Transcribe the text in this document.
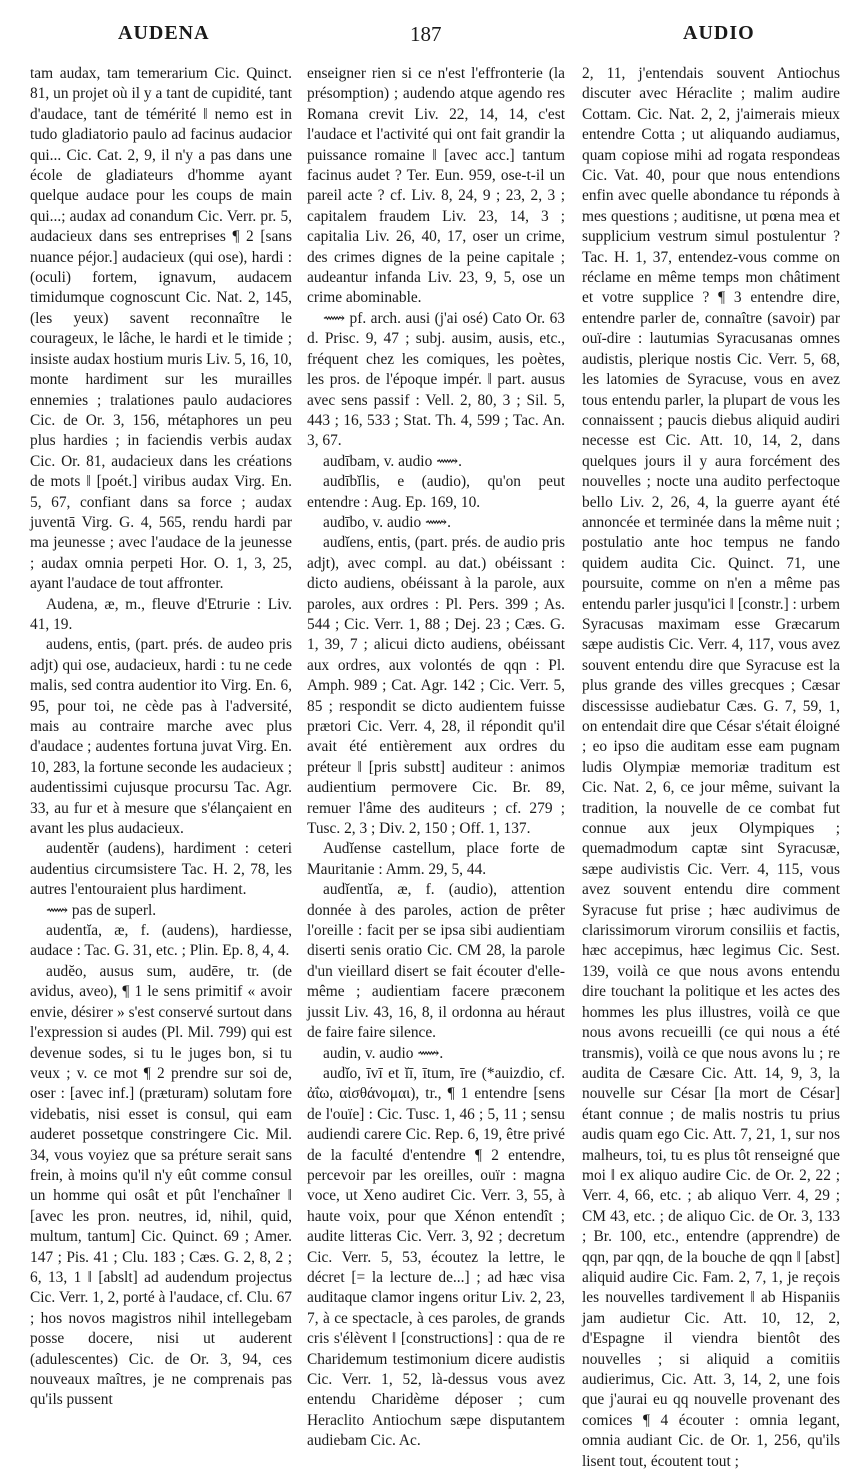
AUDENA	187	AUDIO

tam audax, tam temerarium Cic. Quinct. 81, un projet où il y a tant de cupidité, tant d'audace, tant de témérité ‖ nemo est in tudo gladiatorio paulo ad facinus audacior qui... Cic. Cat. 2, 9, il n'y a pas dans une école de gladiateurs d'homme ayant quelque audace pour les coups de main qui...; audax ad conandum Cic. Verr. pr. 5, audacieux dans ses entreprises ¶ 2 [sans nuance péjor.] audacieux (qui ose), hardi : (oculi) fortem, ignavum, audacem timidumque cognoscunt Cic. Nat. 2, 145, (les yeux) savent reconnaître le courageux, le lâche, le hardi et le timide ; insiste audax hostium muris Liv. 5, 16, 10, monte hardiment sur les murailles ennemies ; tralationes paulo audaciores Cic. de Or. 3, 156, métaphores un peu plus hardies ; in faciendis verbis audax Cic. Or. 81, audacieux dans les créations de mots ‖ [poét.] viribus audax Virg. En. 5, 67, confiant dans sa force ; audax juventā Virg. G. 4, 565, rendu hardi par ma jeunesse ; avec l'audace de la jeunesse ; audax omnia perpeti Hor. O. 1, 3, 25, ayant l'audace de tout affronter.

Audena, æ, m., fleuve d'Etrurie : Liv. 41, 19.

audens, entis, (part. prés. de audeo pris adjt) qui ose, audacieux, hardi : tu ne cede malis, sed contra audentior ito Virg. En. 6, 95, pour toi, ne cède pas à l'adversité, mais au contraire marche avec plus d'audace ; audentes fortuna juvat Virg. En. 10, 283, la fortune seconde les audacieux ; audentissimi cujusque procursu Tac. Agr. 33, au fur et à mesure que s'élançaient en avant les plus audacieux.

audentĕr (audens), hardiment : ceteri audentius circumsistere Tac. H. 2, 78, les autres l'entouraient plus hardiment.

⟿ pas de superl.

audentĭa, æ, f. (audens), hardiesse, audace : Tac. G. 31, etc. ; Plin. Ep. 8, 4, 4.

audĕo, ausus sum, audēre, tr. (de avidus, aveo), ¶ 1 le sens primitif « avoir envie, désirer » s'est conservé surtout dans l'expression si audes (Pl. Mil. 799) qui est devenue sodes, si tu le juges bon, si tu veux ; v. ce mot ¶ 2 prendre sur soi de, oser : [avec inf.] (præturam) solutam fore videbatis, nisi esset is consul, qui eam auderet possetque constringere Cic. Mil. 34, vous voyiez que sa préture serait sans frein, à moins qu'il n'y eût comme consul un homme qui osât et pût l'enchaîner ‖ [avec les pron. neutres, id, nihil, quid, multum, tantum] Cic. Quinct. 69 ; Amer. 147 ; Pis. 41 ; Clu. 183 ; Cæs. G. 2, 8, 2 ; 6, 13, 1 ‖ [abslt] ad audendum projectus Cic. Verr. 1, 2, porté à l'audace, cf. Clu. 67 ; hos novos magistros nihil intellegebam posse docere, nisi ut auderent (adulescentes) Cic. de Or. 3, 94, ces nouveaux maîtres, je ne comprenais pas qu'ils pussent

enseigner rien si ce n'est l'effronterie (la présomption) ; audendo atque agendo res Romana crevit Liv. 22, 14, 14, c'est l'audace et l'activité qui ont fait grandir la puissance romaine ‖ [avec acc.] tantum facinus audet ? Ter. Eun. 959, ose-t-il un pareil acte ? cf. Liv. 8, 24, 9 ; 23, 2, 3 ; capitalem fraudem Liv. 23, 14, 3 ; capitalia Liv. 26, 40, 17, oser un crime, des crimes dignes de la peine capitale ; audeantur infanda Liv. 23, 9, 5, ose un crime abominable.

⟿ pf. arch. ausi (j'ai osé) Cato Or. 63 d. Prisc. 9, 47 ; subj. ausim, ausis, etc., fréquent chez les comiques, les poètes, les pros. de l'époque impér. ‖ part. ausus avec sens passif : Vell. 2, 80, 3 ; Sil. 5, 443 ; 16, 533 ; Stat. Th. 4, 599 ; Tac. An. 3, 67.

audībam, v. audio ⟿.

audībĭlis, e (audio), qu'on peut entendre : Aug. Ep. 169, 10.

audībo, v. audio ⟿.

audĭens, entis, (part. prés. de audio pris adjt), avec compl. au dat.) obéissant : dicto audiens, obéissant à la parole, aux paroles, aux ordres : Pl. Pers. 399 ; As. 544 ; Cic. Verr. 1, 88 ; Dej. 23 ; Cæs. G. 1, 39, 7 ; alicui dicto audiens, obéissant aux ordres, aux volontés de qqn : Pl. Amph. 989 ; Cat. Agr. 142 ; Cic. Verr. 5, 85 ; respondit se dicto audientem fuisse prætori Cic. Verr. 4, 28, il répondit qu'il avait été entièrement aux ordres du préteur ‖ [pris substt] auditeur : animos audientium permovere Cic. Br. 89, remuer l'âme des auditeurs ; cf. 279 ; Tusc. 2, 3 ; Div. 2, 150 ; Off. 1, 137.

Audĭense castellum, place forte de Mauritanie : Amm. 29, 5, 44.

audĭentĭa, æ, f. (audio), attention donnée à des paroles, action de prêter l'oreille : facit per se ipsa sibi audientiam diserti senis oratio Cic. CM 28, la parole d'un vieillard disert se fait écouter d'elle-même ; audientiam facere præconem jussit Liv. 43, 16, 8, il ordonna au héraut de faire faire silence.

audin, v. audio ⟿.

audĭo, īvī et ĭī, ītum, īre (*auizdio, cf. ἀΐω, αἰσθάνομαι), tr., ¶ 1 entendre [sens de l'ouïe] : Cic. Tusc. 1, 46 ; 5, 11 ; sensu audiendi carere Cic. Rep. 6, 19, être privé de la faculté d'entendre ¶ 2 entendre, percevoir par les oreilles, ouïr : magna voce, ut Xeno audiret Cic. Verr. 3, 55, à haute voix, pour que Xénon entendît ; audite litteras Cic. Verr. 3, 92 ; decretum Cic. Verr. 5, 53, écoutez la lettre, le décret [= la lecture de...] ; ad hæc visa auditaque clamor ingens oritur Liv. 2, 23, 7, à ce spectacle, à ces paroles, de grands cris s'élèvent ‖ [constructions] : qua de re Charidemum testimonium dicere audistis Cic. Verr. 1, 52, là-dessus vous avez entendu Charidème déposer ; cum Heraclito Antiochum sæpe disputantem audiebam Cic. Ac.

2, 11, j'entendais souvent Antiochus discuter avec Héraclite ; malim audire Cottam. Cic. Nat. 2, 2, j'aimerais mieux entendre Cotta ; ut aliquando audiamus, quam copiose mihi ad rogata respondeas Cic. Vat. 40, pour que nous entendions enfin avec quelle abondance tu réponds à mes questions ; auditisne, ut pœna mea et supplicium vestrum simul postulentur ? Tac. H. 1, 37, entendez-vous comme on réclame en même temps mon châtiment et votre supplice ? ¶ 3 entendre dire, entendre parler de, connaître (savoir) par ouï-dire : lautumias Syracusanas omnes audistis, plerique nostis Cic. Verr. 5, 68, les latomies de Syracuse, vous en avez tous entendu parler, la plupart de vous les connaissent ; paucis diebus aliquid audiri necesse est Cic. Att. 10, 14, 2, dans quelques jours il y aura forcément des nouvelles ; nocte una audito perfectoque bello Liv. 2, 26, 4, la guerre ayant été annoncée et terminée dans la même nuit ; postulatio ante hoc tempus ne fando quidem audita Cic. Quinct. 71, une poursuite, comme on n'en a même pas entendu parler jusqu'ici ‖ [constr.] : urbem Syracusas maximam esse Græcarum sæpe audistis Cic. Verr. 4, 117, vous avez souvent entendu dire que Syracuse est la plus grande des villes grecques ; Cæsar discessisse audiebatur Cæs. G. 7, 59, 1, on entendait dire que César s'était éloigné ; eo ipso die auditam esse eam pugnam ludis Olympiæ memoriæ traditum est Cic. Nat. 2, 6, ce jour même, suivant la tradition, la nouvelle de ce combat fut connue aux jeux Olympiques ; quemadmodum captæ sint Syracusæ, sæpe audivistis Cic. Verr. 4, 115, vous avez souvent entendu dire comment Syracuse fut prise ; hæc audivimus de clarissimorum virorum consiliis et factis, hæc accepimus, hæc legimus Cic. Sest. 139, voilà ce que nous avons entendu dire touchant la politique et les actes des hommes les plus illustres, voilà ce que nous avons recueilli (ce qui nous a été transmis), voilà ce que nous avons lu ; re audita de Cæsare Cic. Att. 14, 9, 3, la nouvelle sur César [la mort de César] étant connue ; de malis nostris tu prius audis quam ego Cic. Att. 7, 21, 1, sur nos malheurs, toi, tu es plus tôt renseigné que moi ‖ ex aliquo audire Cic. de Or. 2, 22 ; Verr. 4, 66, etc. ; ab aliquo Verr. 4, 29 ; CM 43, etc. ; de aliquo Cic. de Or. 3, 133 ; Br. 100, etc., entendre (apprendre) de qqn, par qqn, de la bouche de qqn ‖ [abst] aliquid audire Cic. Fam. 2, 7, 1, je reçois les nouvelles tardivement ‖ ab Hispaniis jam audietur Cic. Att. 10, 12, 2, d'Espagne il viendra bientôt des nouvelles ; si aliquid a comitiis audierimus, Cic. Att. 3, 14, 2, une fois que j'aurai eu qq nouvelle provenant des comices ¶ 4 écouter : omnia legant, omnia audiant Cic. de Or. 1, 256, qu'ils lisent tout, écoutent tout ;
